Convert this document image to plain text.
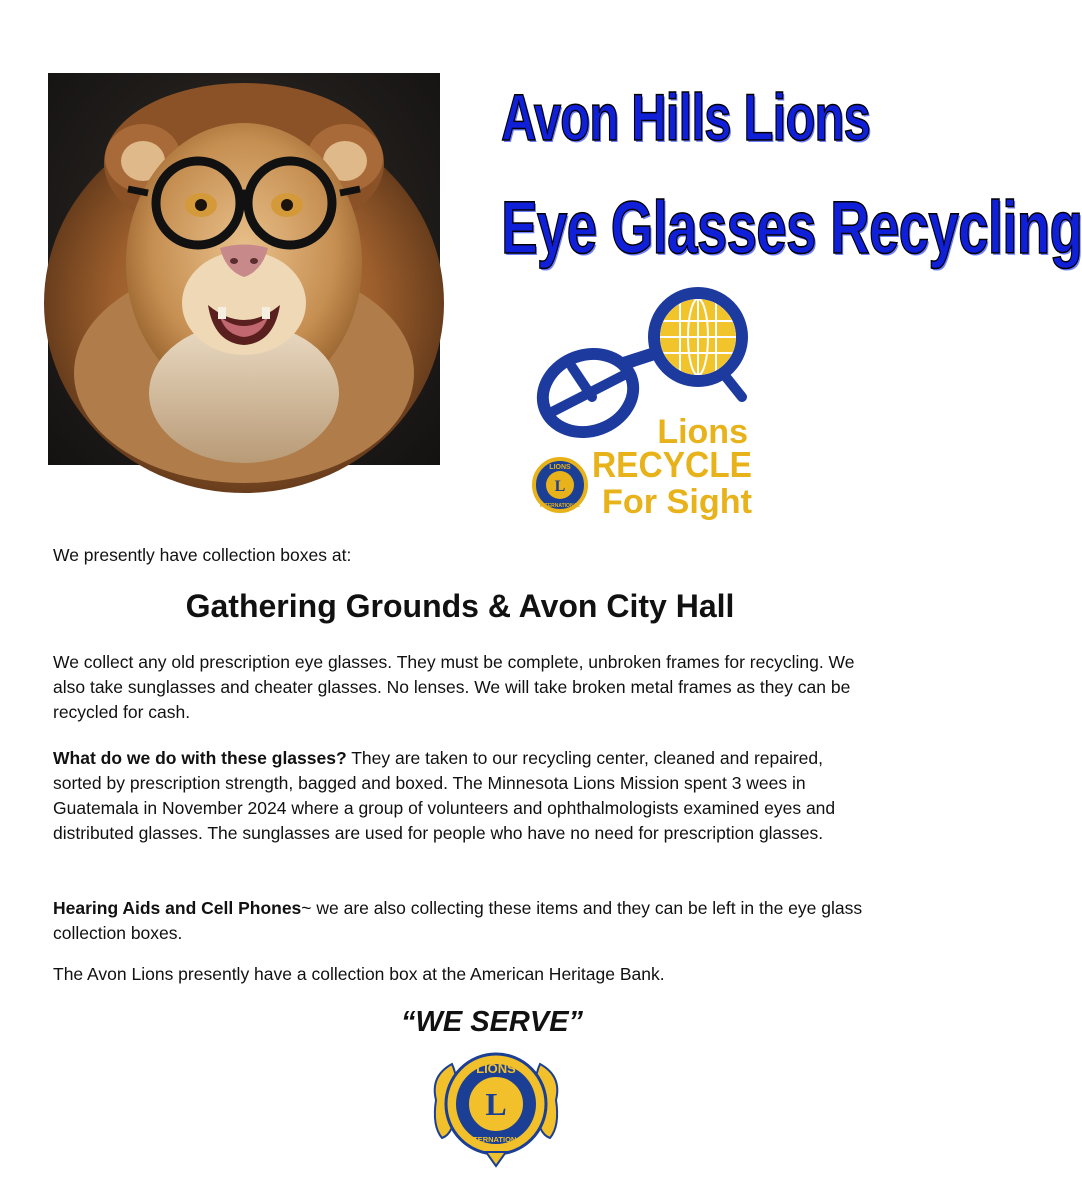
Avon Hills Lions
Eye Glasses Recycling
L
LIONS
INTERNATIONAL
Lions
RECYCLE
For Sight
We presently have collection boxes at:
Gathering Grounds & Avon City Hall
We collect any old prescription eye glasses. They must be complete, unbroken frames for recycling. We also take sunglasses and cheater glasses. No lenses. We will take broken metal frames as they can be recycled for cash.
What do we do with these glasses? They are taken to our recycling center, cleaned and repaired, sorted by prescription strength, bagged and boxed. The Minnesota Lions Mission spent 3 wees in Guatemala in November 2024 where a group of volunteers and ophthalmologists examined eyes and distributed glasses. The sunglasses are used for people who have no need for prescription glasses.
Hearing Aids and Cell Phones~ we are also collecting these items and they can be left in the eye glass collection boxes.
The Avon Lions presently have a collection box at the American Heritage Bank.
“WE SERVE”
L
LIONS
INTERNATIONAL
